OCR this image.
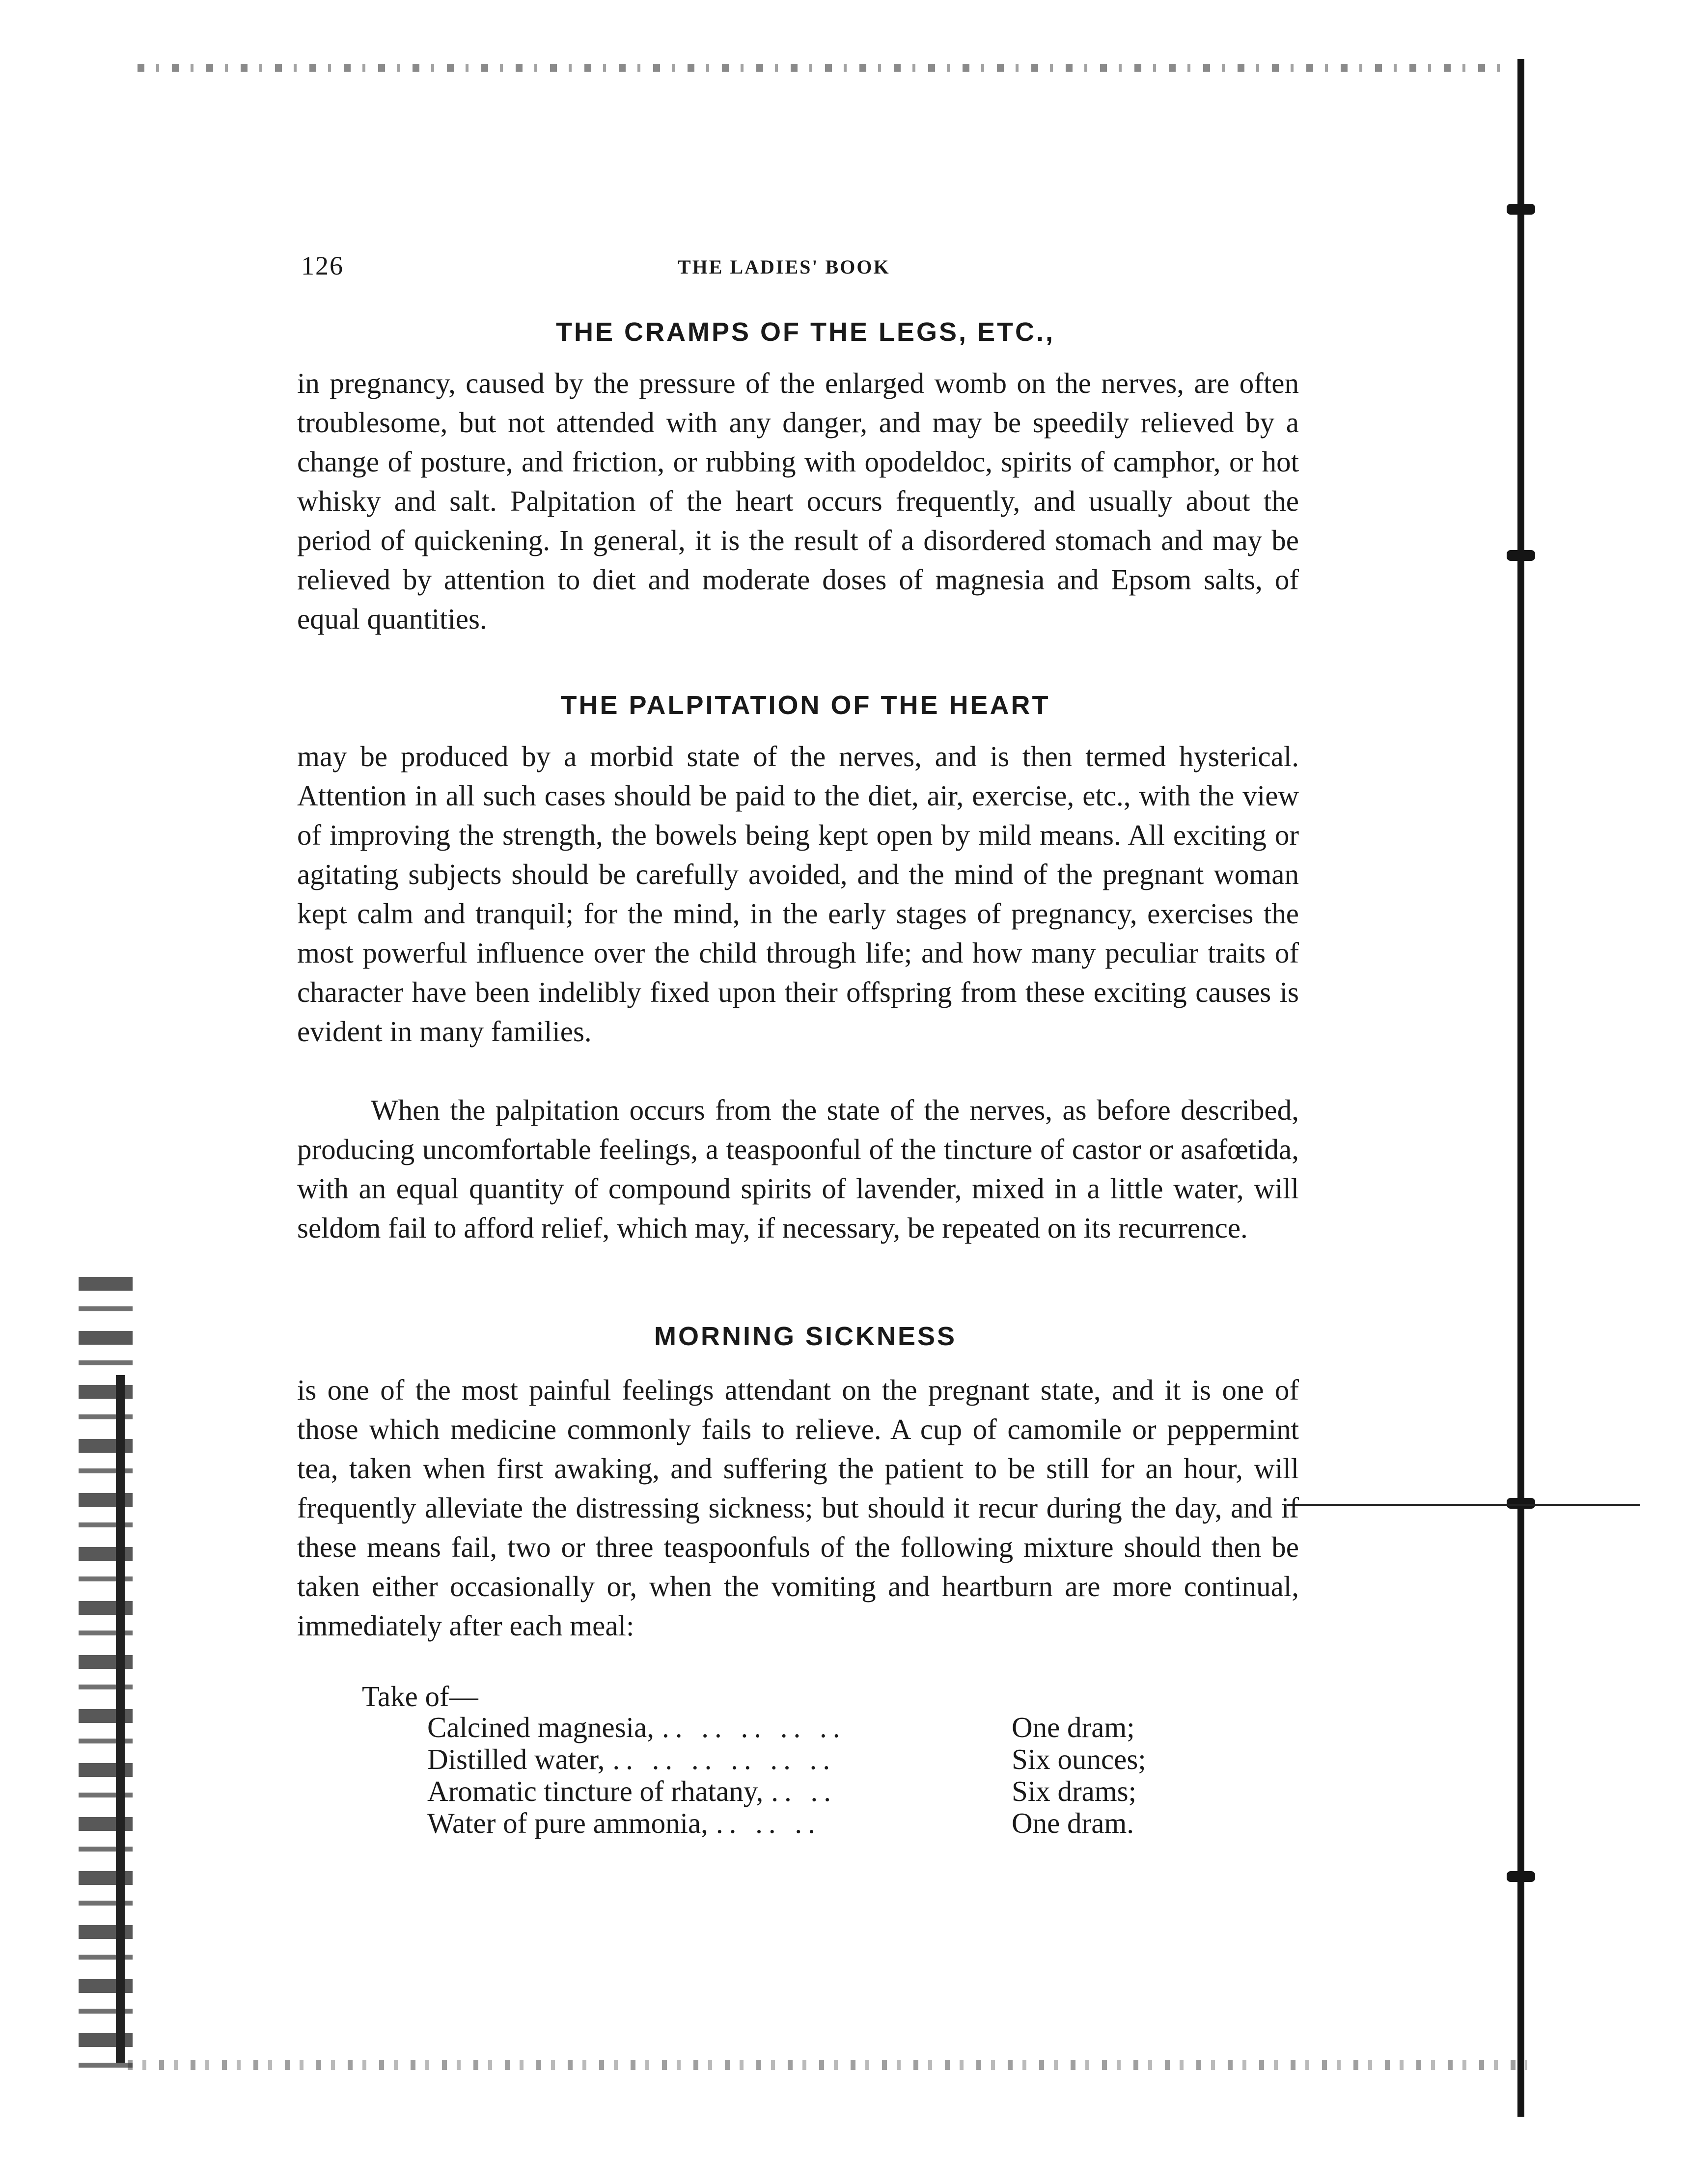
126	THE LADIES' BOOK
THE CRAMPS OF THE LEGS, ETC.,

in pregnancy, caused by the pressure of the enlarged womb on the nerves, are often troublesome, but not attended with any danger, and may be speedily relieved by a change of posture, and friction, or rubbing with opodeldoc, spirits of camphor, or hot whisky and salt. Palpitation of the heart occurs frequently, and usually about the period of quickening. In general, it is the result of a disordered stomach and may be relieved by attention to diet and moderate doses of magnesia and Epsom salts, of equal quantities.

THE PALPITATION OF THE HEART

may be produced by a morbid state of the nerves, and is then termed hysterical. Attention in all such cases should be paid to the diet, air, exercise, etc., with the view of improving the strength, the bowels being kept open by mild means. All exciting or agitating subjects should be carefully avoided, and the mind of the pregnant woman kept calm and tranquil; for the mind, in the early stages of pregnancy, exercises the most powerful influence over the child through life; and how many peculiar traits of character have been indelibly fixed upon their offspring from these exciting causes is evident in many families.

When the palpitation occurs from the state of the nerves, as before described, producing uncomfortable feelings, a teaspoonful of the tincture of castor or asafœtida, with an equal quantity of compound spirits of lavender, mixed in a little water, will seldom fail to afford relief, which may, if necessary, be repeated on its recurrence.

MORNING SICKNESS

is one of the most painful feelings attendant on the pregnant state, and it is one of those which medicine commonly fails to relieve. A cup of camomile or peppermint tea, taken when first awaking, and suffering the patient to be still for an hour, will frequently alleviate the distressing sickness; but should it recur during the day, and if these means fail, two or three teaspoonfuls of the following mixture should then be taken either occasionally or, when the vomiting and heartburn are more continual, immediately after each meal:

Take of—
Calcined magnesia, .. .. .. .. ..	One dram;
Distilled water, .. .. .. .. .. ..	Six ounces;
Aromatic tincture of rhatany, .. ..	Six drams;
Water of pure ammonia, .. .. ..	One dram.
